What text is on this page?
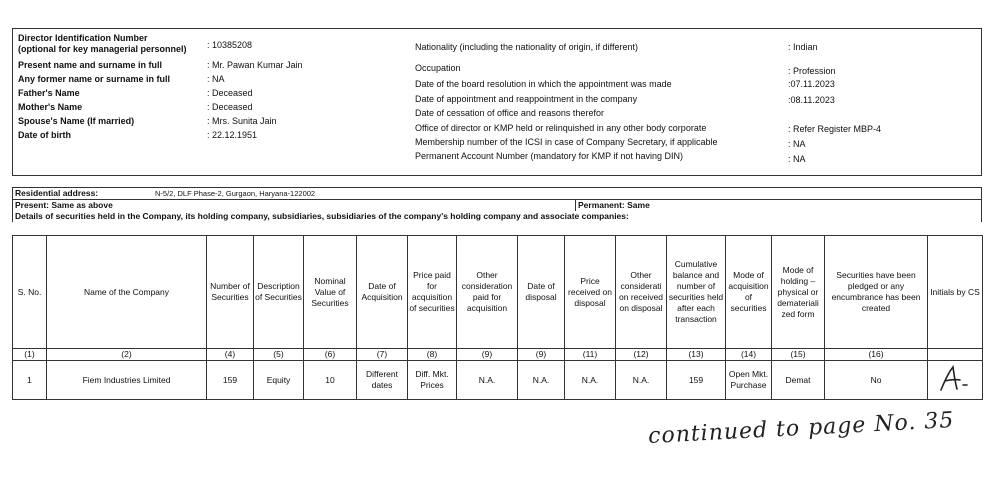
Director Identification Number
(optional for key managerial personnel) : 10385208
Present name and surname in full	: Mr. Pawan Kumar Jain
Any former name or surname in full	: NA
Father's Name	: Deceased
Mother's Name	: Deceased
Spouse's Name (If married)	: Mrs. Sunita Jain
Date of birth	: 22.12.1951
Nationality (including the nationality of origin, if different)	: Indian
Occupation	: Profession
Date of the board resolution in which the appointment was made	:07.11.2023
Date of appointment and reappointment in the company	:08.11.2023
Date of cessation of office and reasons therefor
Office of director or KMP held or relinquished in any other body corporate	: Refer Register MBP-4
Membership number of the ICSI in case of Company Secretary, if applicable	: NA
Permanent Account Number (mandatory for KMP if not having DIN)	: NA
Residential address:	N-5/2, DLF Phase-2, Gurgaon, Haryana-122002
Present: Same as above	Permanent: Same
Details of securities held in the Company, its holding company, subsidiaries, subsidiaries of the company's holding company and associate companies:
S. No.	Name of the Company	Number of Securities	Description of Securities	Nominal Value of Securities	Date of Acquisition	Price paid for acquisition of securities	Other consideration paid for acquisition	Date of disposal	Price received on disposal	Other considerati on received on disposal	Cumulative balance and number of securities held after each transaction	Mode of acquisition of securities	Mode of holding – physical or demateriali zed form	Securities have been pledged or any encumbrance has been created	Initials by CS
(1)	(2)	(4)	(5)	(6)	(7)	(8)	(9)	(9)	(11)	(12)	(13)	(14)	(15)	(16)	
1	Fiem Industries Limited	159	Equity	10	Different dates	Diff. Mkt. Prices	N.A.	N.A.	N.A.	N.A.	159	Open Mkt. Purchase	Demat	No	
continued to page No. 35
